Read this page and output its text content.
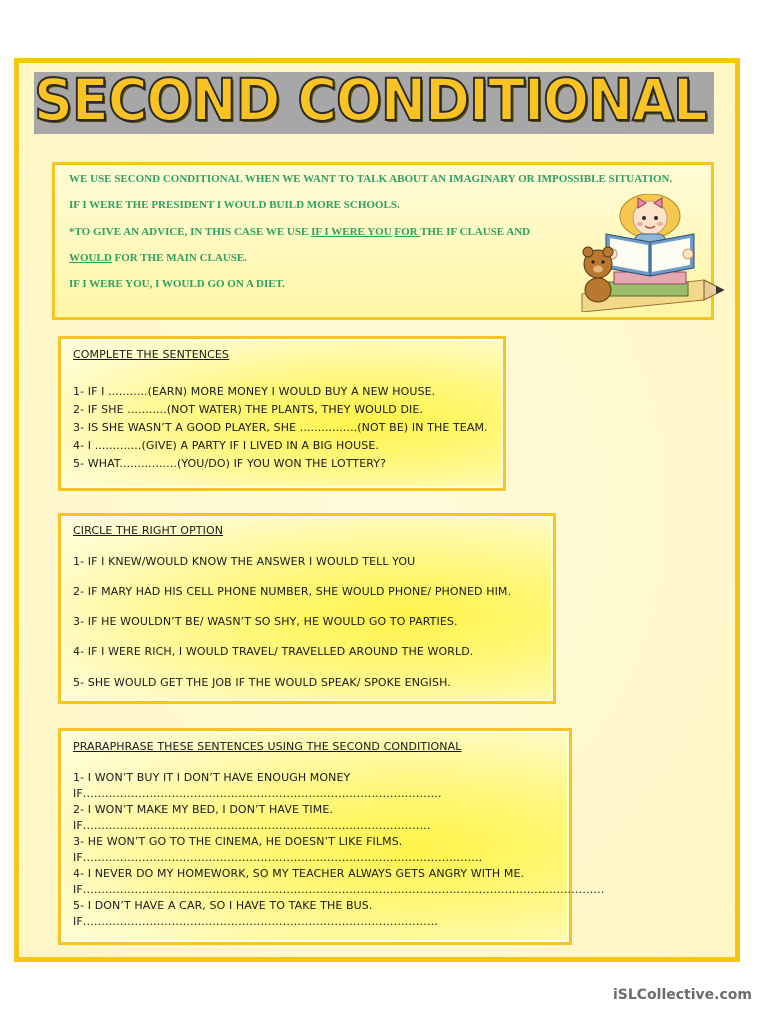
SECOND CONDITIONAL
WE USE SECOND CONDITIONAL WHEN WE WANT TO TALK ABOUT AN IMAGINARY OR IMPOSSIBLE SITUATION.
IF I WERE THE PRESIDENT I WOULD BUILD MORE SCHOOLS.
*TO GIVE AN ADVICE, IN THIS CASE WE USE IF I WERE YOU FOR THE IF CLAUSE AND
WOULD FOR THE MAIN CLAUSE.
IF I WERE YOU, I WOULD GO ON A DIET.
COMPLETE THE SENTENCES
1- IF I ...........(EARN) MORE MONEY I WOULD BUY A NEW HOUSE.
2- IF SHE ...........(NOT WATER) THE PLANTS, THEY WOULD DIE.
3- IS SHE WASN’T A GOOD PLAYER, SHE ................(NOT BE) IN THE TEAM.
4- I .............(GIVE) A PARTY IF I LIVED IN A BIG HOUSE.
5- WHAT................(YOU/DO) IF YOU WON THE LOTTERY?
CIRCLE THE RIGHT OPTION
1- IF I KNEW/WOULD KNOW THE ANSWER I WOULD TELL YOU
2- IF MARY HAD HIS CELL PHONE NUMBER, SHE WOULD PHONE/ PHONED HIM.
3- IF HE WOULDN’T BE/ WASN’T SO SHY, HE WOULD GO TO PARTIES.
4- IF I WERE RICH, I WOULD TRAVEL/ TRAVELLED AROUND THE WORLD.
5- SHE WOULD GET THE JOB IF THE WOULD SPEAK/ SPOKE ENGISH.
PRARAPHRASE THESE SENTENCES USING THE SECOND CONDITIONAL
1- I WON’T BUY IT I DON’T HAVE ENOUGH MONEY
IF…………………………………………………………………………………….
2- I WON’T MAKE MY BED, I DON’T HAVE TIME.
IF………………………………………………………………………………….
3- HE WON’T GO TO THE CINEMA, HE DOESN’T LIKE FILMS.
IF………………………………………………………………………………………………
4- I NEVER DO MY HOMEWORK, SO MY TEACHER ALWAYS GETS ANGRY WITH ME.
IF……………………………………………………………………………………………………………………………
5- I DON’T HAVE A CAR, SO I HAVE TO TAKE THE BUS.
IF……………………………………………………………………………………
iSLCollective.com
